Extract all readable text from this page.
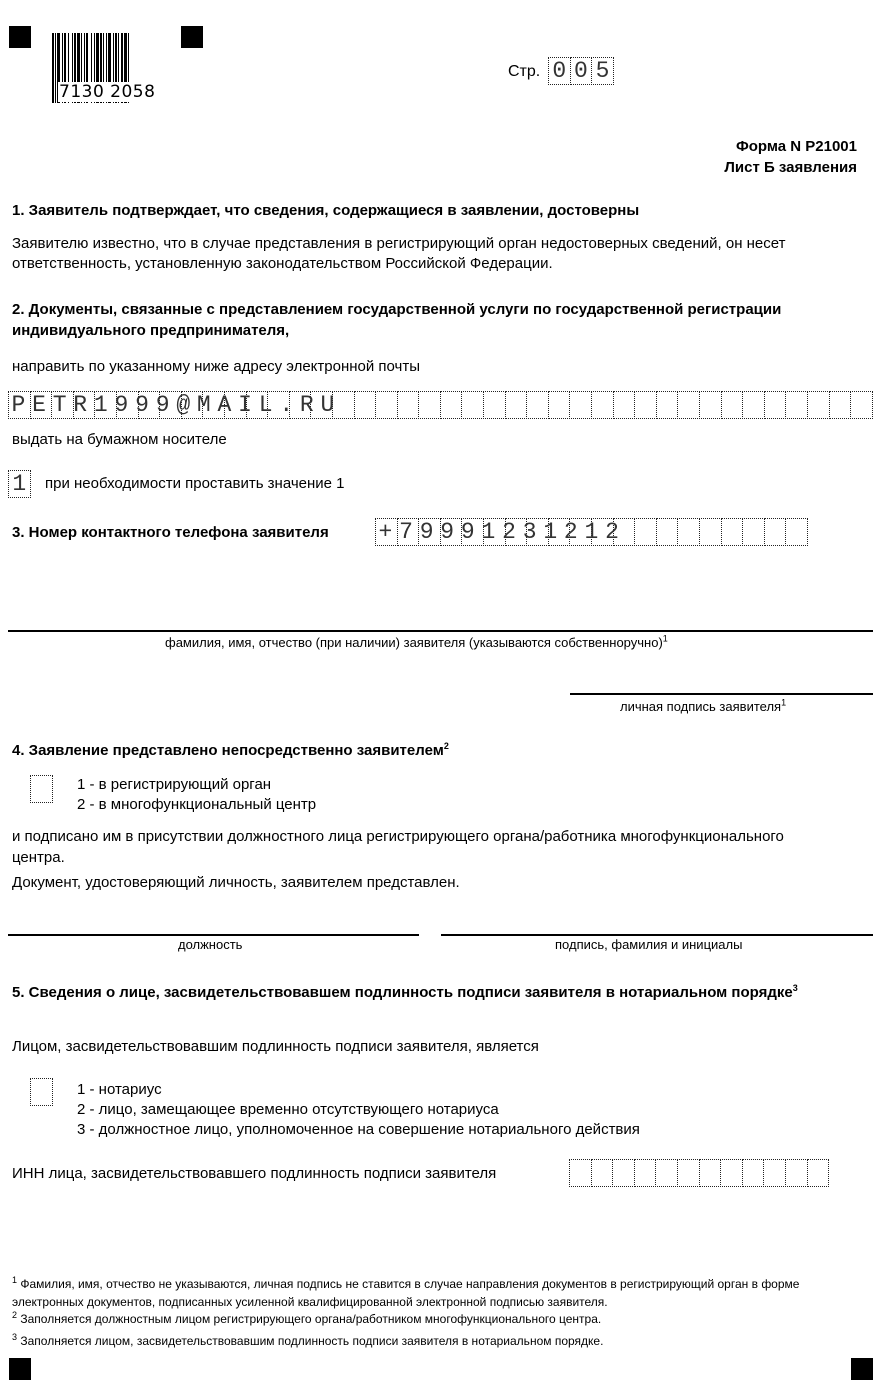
7130 2058
Стр. 0 0 5
Форма N Р21001
Лист Б заявления
1. Заявитель подтверждает, что сведения, содержащиеся в заявлении, достоверны
Заявителю известно, что в случае представления в регистрирующий орган недостоверных сведений, он несет
ответственность, установленную законодательством Российской Федерации.
2. Документы, связанные с представлением государственной услуги по государственной регистрации
индивидуального предпринимателя,
направить по указанному ниже адресу электронной почты
PETR1999@MAIL.RU
выдать на бумажном носителе
1 при необходимости проставить значение 1
3. Номер контактного телефона заявителя +79991231212
фамилия, имя, отчество (при наличии) заявителя (указываются собственноручно)$^1$
личная подпись заявителя$^1$
4. Заявление представлено непосредственно заявителем$^2$
1 - в регистрирующий орган
2 - в многофункциональный центр
и подписано им в присутствии должностного лица регистрирующего органа/работника многофункционального
центра.
Документ, удостоверяющий личность, заявителем представлен.
должность	подпись, фамилия и инициалы
5. Сведения о лице, засвидетельствовавшем подлинность подписи заявителя в нотариальном порядке$^3$
Лицом, засвидетельствовавшим подлинность подписи заявителя, является
1 - нотариус
2 - лицо, замещающее временно отсутствующего нотариуса
3 - должностное лицо, уполномоченное на совершение нотариального действия
ИНН лица, засвидетельствовавшего подлинность подписи заявителя
$^1$ Фамилия, имя, отчество не указываются, личная подпись не ставится в случае направления документов в регистрирующий орган в форме
электронных документов, подписанных усиленной квалифицированной электронной подписью заявителя.
$^2$ Заполняется должностным лицом регистрирующего органа/работником многофункционального центра.
$^3$ Заполняется лицом, засвидетельствовавшим подлинность подписи заявителя в нотариальном порядке.
